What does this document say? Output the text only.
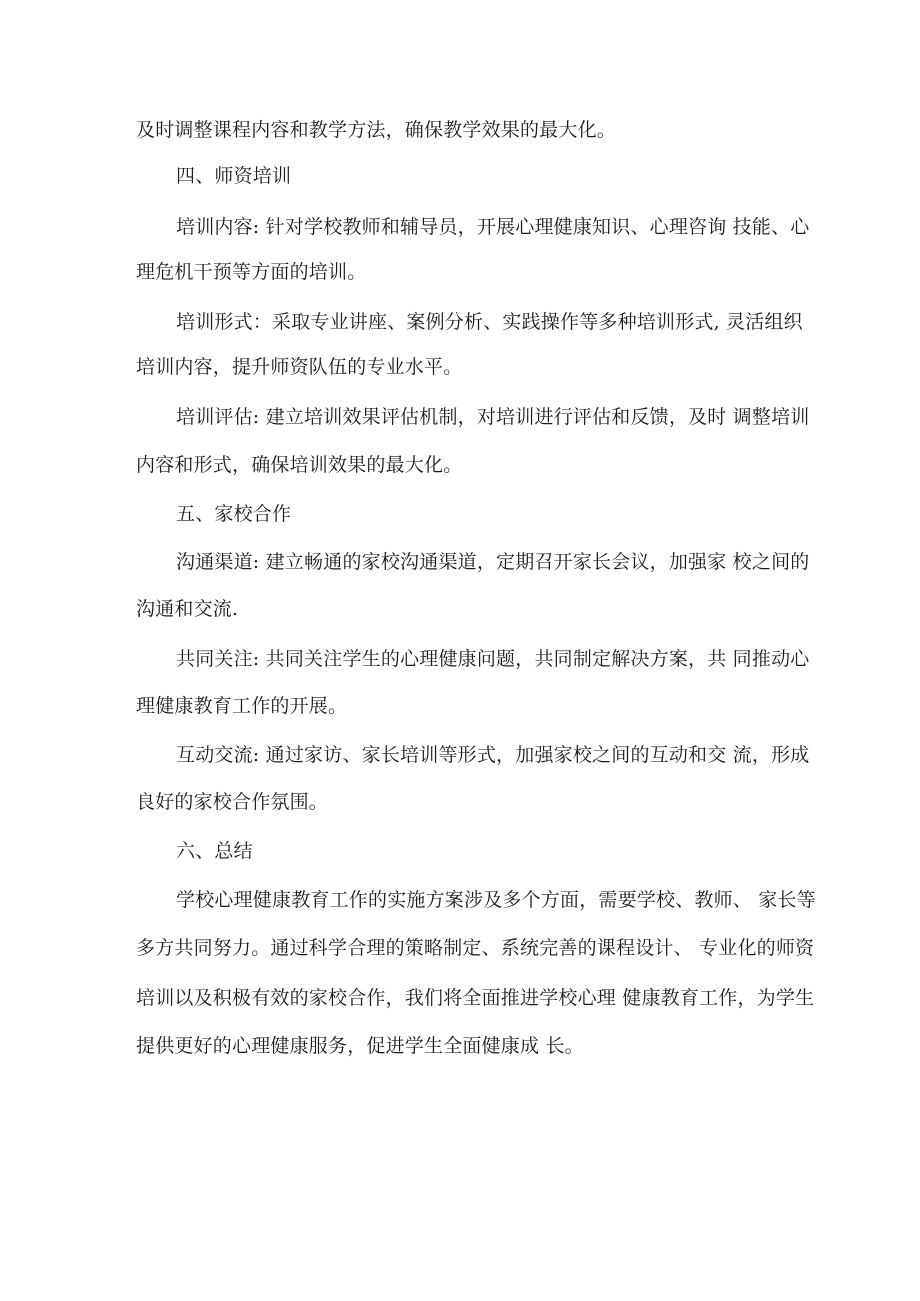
及时调整课程内容和教学方法，确保教学效果的最大化。
四、师资培训
培训内容: 针对学校教师和辅导员，开展心理健康知识、心理咨询 技能、心
理危机干预等方面的培训。
培训形式：采取专业讲座、案例分析、实践操作等多种培训形式, 灵活组织
培训内容，提升师资队伍的专业水平。
培训评估: 建立培训效果评估机制，对培训进行评估和反馈，及时 调整培训
内容和形式，确保培训效果的最大化。
五、家校合作
沟通渠道: 建立畅通的家校沟通渠道，定期召开家长会议，加强家 校之间的
沟通和交流.
共同关注: 共同关注学生的心理健康问题，共同制定解决方案，共 同推动心
理健康教育工作的开展。
互动交流: 通过家访、家长培训等形式，加强家校之间的互动和交 流，形成
良好的家校合作氛围。
六、总结
学校心理健康教育工作的实施方案涉及多个方面，需要学校、教师、 家长等
多方共同努力。通过科学合理的策略制定、系统完善的课程设计、 专业化的师资
培训以及积极有效的家校合作，我们将全面推进学校心理 健康教育工作，为学生
提供更好的心理健康服务，促进学生全面健康成 长。
